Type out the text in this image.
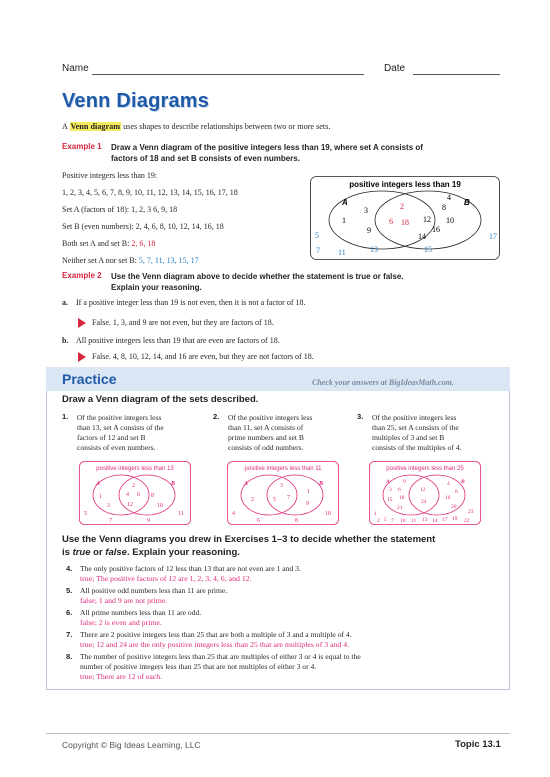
Name	Date
Venn Diagrams
A Venn diagram uses shapes to describe relationships between two or more sets.
Example 1 Draw a Venn diagram of the positive integers less than 19, where set A consists of
factors of 18 and set B consists of even numbers.
Positive integers less than 19:
1, 2, 3, 4, 5, 6, 7, 8, 9, 10, 11, 12, 13, 14, 15, 16, 17, 18
Set A (factors of 18): 1, 2, 3 6, 9, 18
Set B (even numbers): 2, 4, 6, 8, 10, 12, 14, 16, 18
Both set A and set B: 2, 6, 18
Neither set A nor set B: 5, 7, 11, 13, 15, 17
positive integers less than 19
A	B
3
1
9
2
6 18
4
8
12 10
16
14
5
7 11	13	15
17
Example 2 Use the Venn diagram above to decide whether the statement is true or false.
Explain your reasoning.
a. If a positive integer less than 19 is not even, then it is not a factor of 18.
False. 1, 3, and 9 are not even, but they are factors of 18.
b. All positive integers less than 19 that are even are factors of 18.
False. 4, 8, 10, 12, 14, and 16 are even, but they are not factors of 18.
Practice	Check your answers at BigIdeasMath.com.
Draw a Venn diagram of the sets described.
1. Of the positive integers less
than 13, set A consists of the
factors of 12 and set B
consists of even numbers.
positive integers less than 13
A	B
1
3
2
4 6
12
8
10
5
7	9
11
2. Of the positive integers less
than 11, set A consists of
prime numbers and set B
consists of odd numbers.
positive integers less than 11
A	B
2
3
5 7
1
9
4
6	8
10
3. Of the positive integers less
than 25, set A consists of the
multiples of 3 and set B
consists of the multiples of 4.
positive integers less than 25
A	B
3 6
9
15 18
21
12
24
4
8
16
20
1
2 5 7 10 11 13 14 17 19 22
23
Use the Venn diagrams you drew in Exercises 1–3 to decide whether the statement
is true or false. Explain your reasoning.
4. The only positive factors of 12 less than 13 that are not even are 1 and 3.
true; The positive factors of 12 are 1, 2, 3, 4, 6, and 12.
5. All positive odd numbers less than 11 are prime.
false; 1 and 9 are not prime.
6. All prime numbers less than 11 are odd.
false; 2 is even and prime.
7. There are 2 positive integers less than 25 that are both a multiple of 3 and a multiple of 4.
true; 12 and 24 are the only positive integers less than 25 that are multiples of 3 and 4.
8. The number of positive integers less than 25 that are multiples of either 3 or 4 is equal to the
number of positive integers less than 25 that are not multiples of either 3 or 4.
true; There are 12 of each.
Copyright © Big Ideas Learning, LLC	Topic 13.1
